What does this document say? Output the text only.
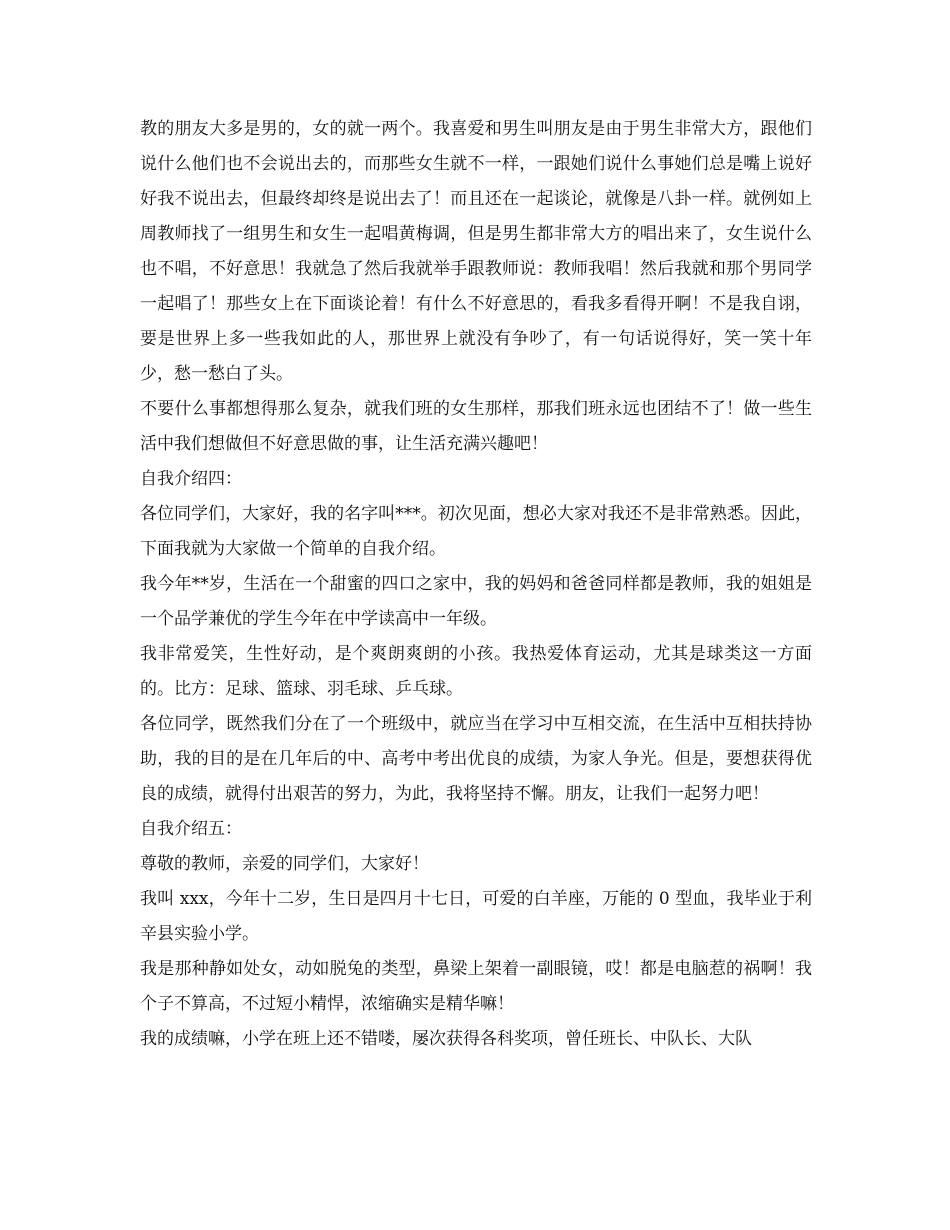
教的朋友大多是男的，女的就一两个。我喜爱和男生叫朋友是由于男生非常大方，跟他们说什么他们也不会说出去的，而那些女生就不一样，一跟她们说什么事她们总是嘴上说好好我不说出去，但最终却终是说出去了！而且还在一起谈论，就像是八卦一样。就例如上周教师找了一组男生和女生一起唱黄梅调，但是男生都非常大方的唱出来了，女生说什么也不唱，不好意思！我就急了然后我就举手跟教师说：教师我唱！然后我就和那个男同学一起唱了！那些女上在下面谈论着！有什么不好意思的，看我多看得开啊！不是我自诩，要是世界上多一些我如此的人，那世界上就没有争吵了，有一句话说得好，笑一笑十年少，愁一愁白了头。

不要什么事都想得那么复杂，就我们班的女生那样，那我们班永远也团结不了！做一些生活中我们想做但不好意思做的事，让生活充满兴趣吧！

自我介绍四：

各位同学们，大家好，我的名字叫***。初次见面，想必大家对我还不是非常熟悉。因此，下面我就为大家做一个简单的自我介绍。

我今年**岁，生活在一个甜蜜的四口之家中，我的妈妈和爸爸同样都是教师，我的姐姐是一个品学兼优的学生今年在中学读高中一年级。

我非常爱笑，生性好动，是个爽朗爽朗的小孩。我热爱体育运动，尤其是球类这一方面的。比方：足球、篮球、羽毛球、乒乓球。

各位同学，既然我们分在了一个班级中，就应当在学习中互相交流，在生活中互相扶持协助，我的目的是在几年后的中、高考中考出优良的成绩，为家人争光。但是，要想获得优良的成绩，就得付出艰苦的努力，为此，我将坚持不懈。朋友，让我们一起努力吧！

自我介绍五：

尊敬的教师，亲爱的同学们，大家好！

我叫 xxx，今年十二岁，生日是四月十七日，可爱的白羊座，万能的 0 型血，我毕业于利辛县实验小学。

我是那种静如处女，动如脱兔的类型，鼻梁上架着一副眼镜，哎！都是电脑惹的祸啊！我个子不算高，不过短小精悍，浓缩确实是精华嘛！

我的成绩嘛，小学在班上还不错喽，屡次获得各科奖项，曾任班长、中队长、大队
